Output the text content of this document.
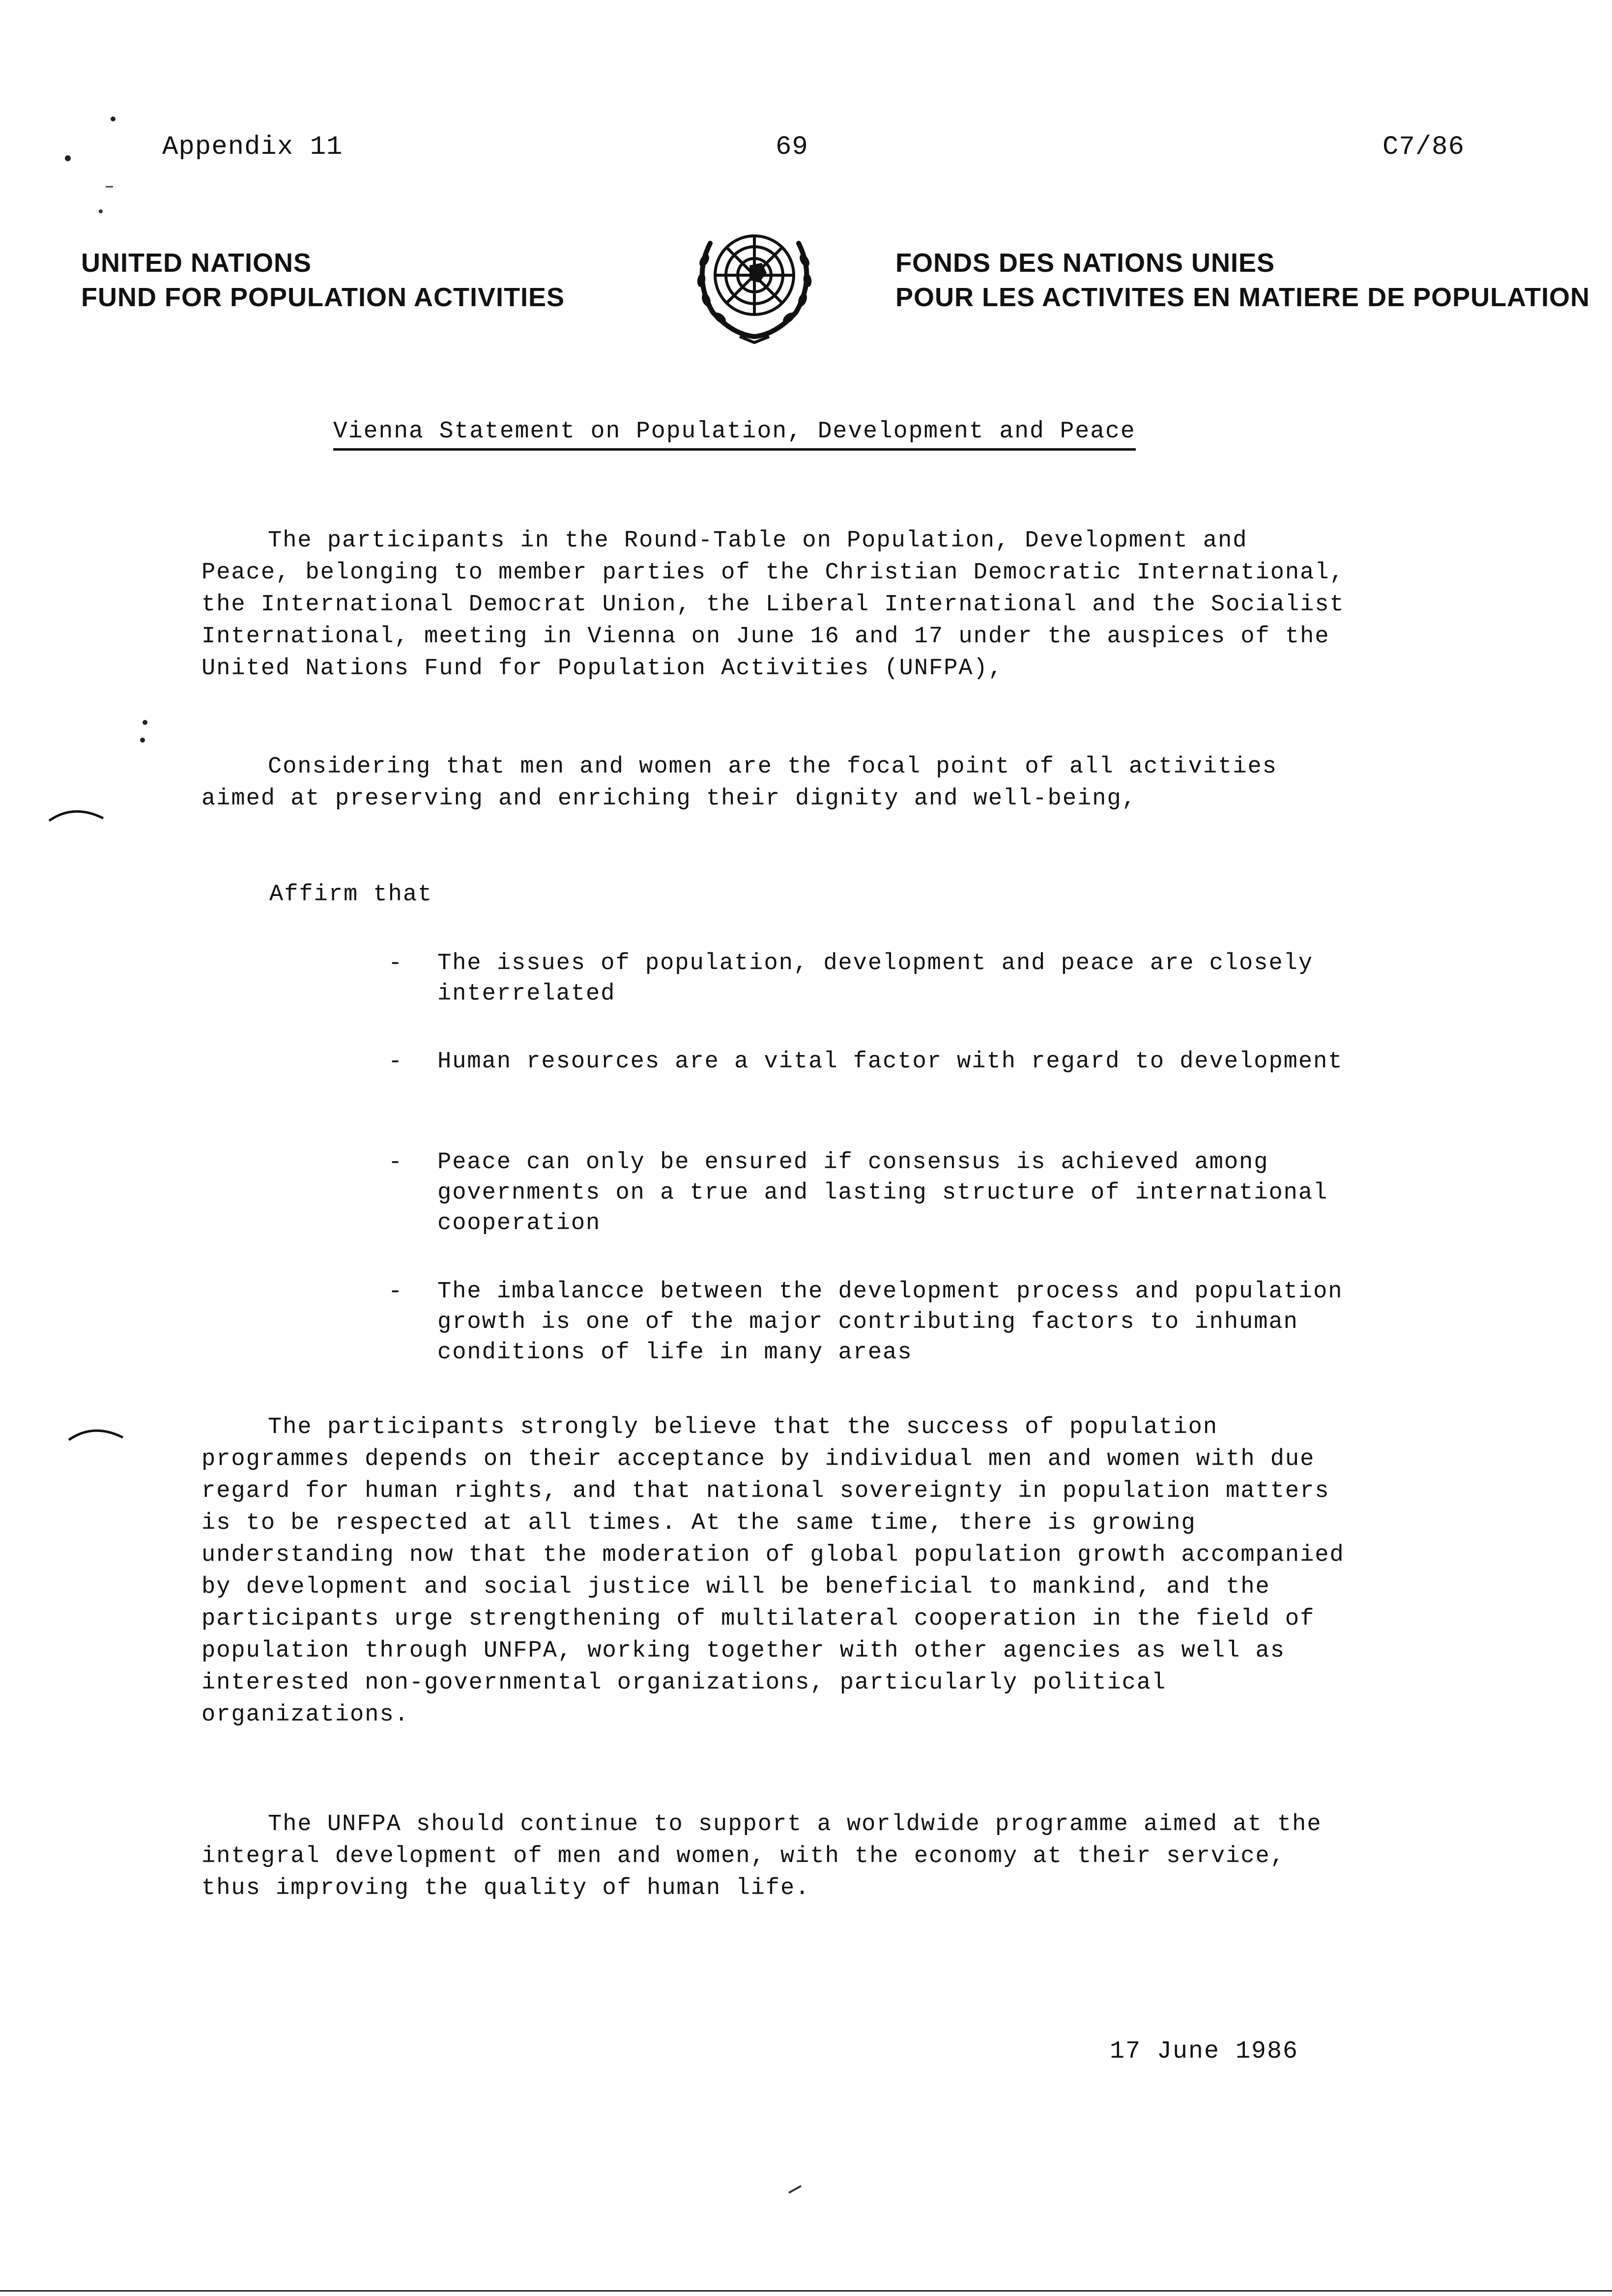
Appendix 11	69	C7/86
UNITED NATIONS
FUND FOR POPULATION ACTIVITIES
FONDS DES NATIONS UNIES
POUR LES ACTIVITES EN MATIERE DE POPULATION
Vienna Statement on Population, Development and Peace

The participants in the Round-Table on Population, Development and Peace, belonging to member parties of the Christian Democratic International, the International Democrat Union, the Liberal International and the Socialist International, meeting in Vienna on June 16 and 17 under the auspices of the United Nations Fund for Population Activities (UNFPA),

Considering that men and women are the focal point of all activities aimed at preserving and enriching their dignity and well-being,

Affirm that
- The issues of population, development and peace are closely interrelated
- Human resources are a vital factor with regard to development
- Peace can only be ensured if consensus is achieved among governments on a true and lasting structure of international cooperation
- The imbalancce between the development process and population growth is one of the major contributing factors to inhuman conditions of life in many areas

The participants strongly believe that the success of population programmes depends on their acceptance by individual men and women with due regard for human rights, and that national sovereignty in population matters is to be respected at all times. At the same time, there is growing understanding now that the moderation of global population growth accompanied by development and social justice will be beneficial to mankind, and the participants urge strengthening of multilateral cooperation in the field of population through UNFPA, working together with other agencies as well as interested non-governmental organizations, particularly political organizations.

The UNFPA should continue to support a worldwide programme aimed at the integral development of men and women, with the economy at their service, thus improving the quality of human life.

17 June 1986
